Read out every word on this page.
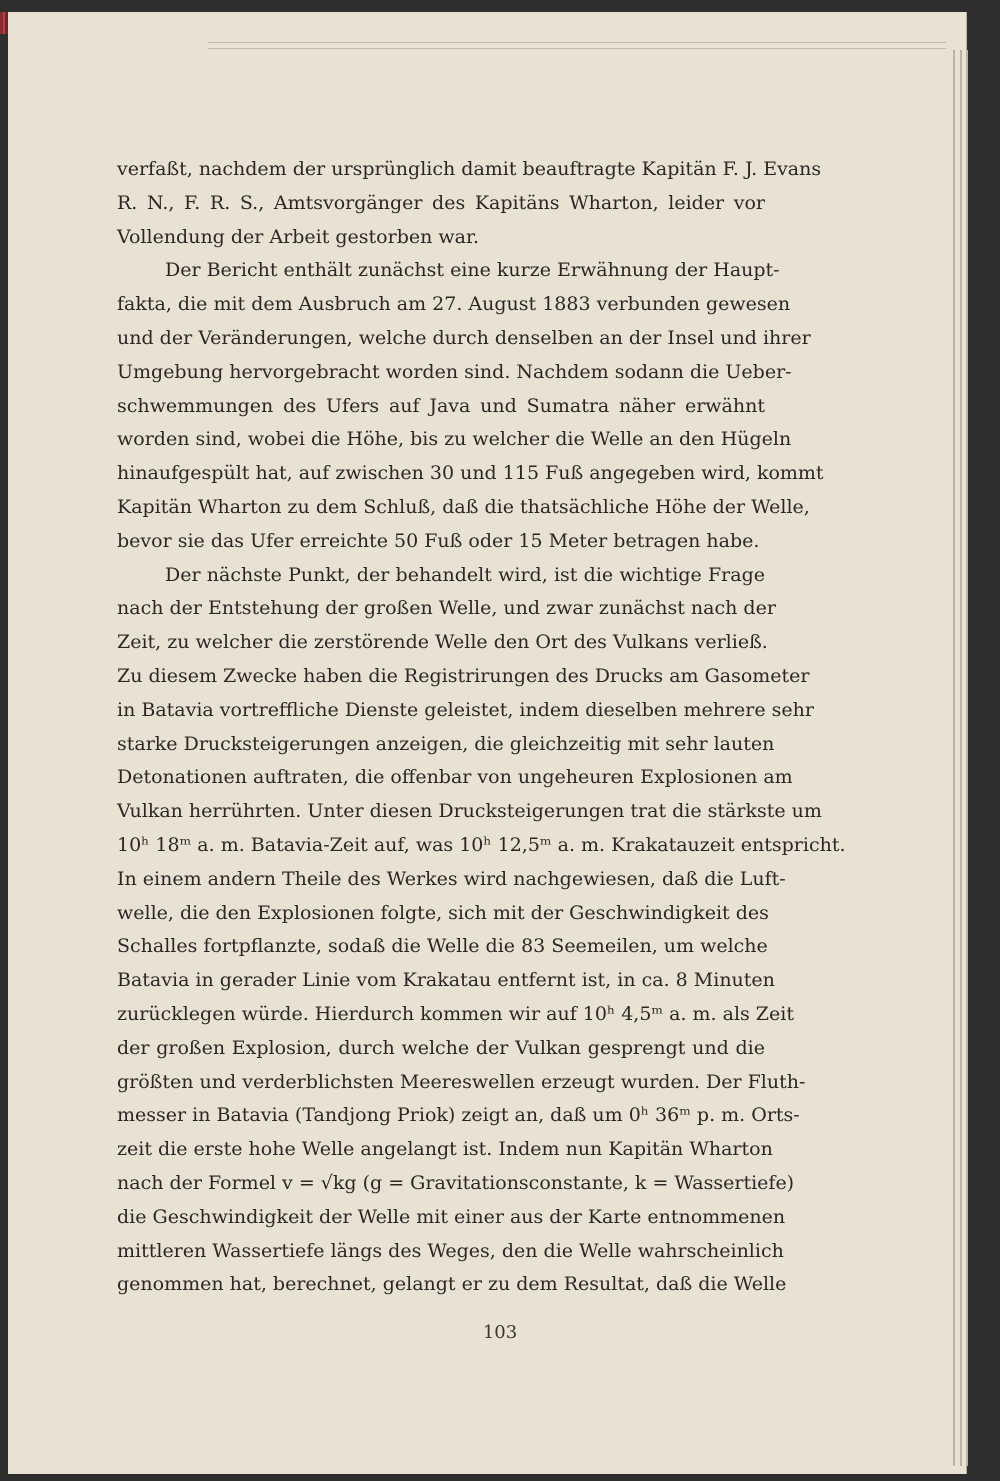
verfaßt, nachdem der ursprünglich damit beauftragte Kapitän F. J. Evans
R. N., F. R. S., Amtsvorgänger des Kapitäns Wharton, leider vor
Vollendung der Arbeit gestorben war.
Der Bericht enthält zunächst eine kurze Erwähnung der Haupt-
fakta, die mit dem Ausbruch am 27. August 1883 verbunden gewesen
und der Veränderungen, welche durch denselben an der Insel und ihrer
Umgebung hervorgebracht worden sind. Nachdem sodann die Ueber-
schwemmungen des Ufers auf Java und Sumatra näher erwähnt
worden sind, wobei die Höhe, bis zu welcher die Welle an den Hügeln
hinaufgespült hat, auf zwischen 30 und 115 Fuß angegeben wird, kommt
Kapitän Wharton zu dem Schluß, daß die thatsächliche Höhe der Welle,
bevor sie das Ufer erreichte 50 Fuß oder 15 Meter betragen habe.
Der nächste Punkt, der behandelt wird, ist die wichtige Frage
nach der Entstehung der großen Welle, und zwar zunächst nach der
Zeit, zu welcher die zerstörende Welle den Ort des Vulkans verließ.
Zu diesem Zwecke haben die Registrirungen des Drucks am Gasometer
in Batavia vortreffliche Dienste geleistet, indem dieselben mehrere sehr
starke Drucksteigerungen anzeigen, die gleichzeitig mit sehr lauten
Detonationen auftraten, die offenbar von ungeheuren Explosionen am
Vulkan herrührten. Unter diesen Drucksteigerungen trat die stärkste um
10ʰ 18ᵐ a. m. Batavia-Zeit auf, was 10ʰ 12,5ᵐ a. m. Krakatauzeit entspricht.
In einem andern Theile des Werkes wird nachgewiesen, daß die Luft-
welle, die den Explosionen folgte, sich mit der Geschwindigkeit des
Schalles fortpflanzte, sodaß die Welle die 83 Seemeilen, um welche
Batavia in gerader Linie vom Krakatau entfernt ist, in ca. 8 Minuten
zurücklegen würde. Hierdurch kommen wir auf 10ʰ 4,5ᵐ a. m. als Zeit
der großen Explosion, durch welche der Vulkan gesprengt und die
größten und verderblichsten Meereswellen erzeugt wurden. Der Fluth-
messer in Batavia (Tandjong Priok) zeigt an, daß um 0ʰ 36ᵐ p. m. Orts-
zeit die erste hohe Welle angelangt ist. Indem nun Kapitän Wharton
nach der Formel v = √kg (g = Gravitationsconstante, k = Wassertiefe)
die Geschwindigkeit der Welle mit einer aus der Karte entnommenen
mittleren Wassertiefe längs des Weges, den die Welle wahrscheinlich
genommen hat, berechnet, gelangt er zu dem Resultat, daß die Welle
103
